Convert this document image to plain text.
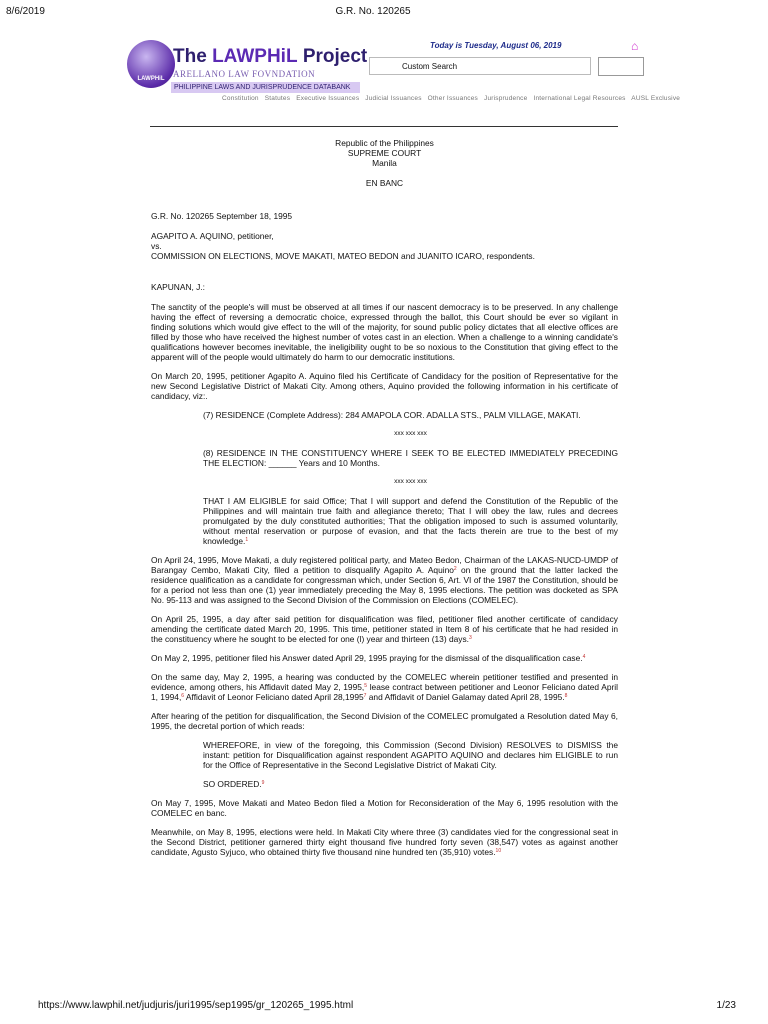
8/6/2019	G.R. No. 120265
LAWPHiL
The LAWPHiL Project
ARELLANO LAW FOVNDATION
PHILIPPINE LAWS AND JURISPRUDENCE DATABANK
Today is Tuesday, August 06, 2019	⌂
Custom Search
Constitution Statutes Executive Issuances Judicial Issuances Other Issuances Jurisprudence International Legal Resources AUSL Exclusive
Republic of the Philippines
SUPREME COURT
Manila
EN BANC
G.R. No. 120265 September 18, 1995
AGAPITO A. AQUINO, petitioner,
vs.
COMMISSION ON ELECTIONS, MOVE MAKATI, MATEO BEDON and JUANITO ICARO, respondents.
KAPUNAN, J.:

The sanctity of the people's will must be observed at all times if our nascent democracy is to be preserved. In any challenge having the effect of reversing a democratic choice, expressed through the ballot, this Court should be ever so vigilant in finding solutions which would give effect to the will of the majority, for sound public policy dictates that all elective offices are filled by those who have received the highest number of votes cast in an election. When a challenge to a winning candidate's qualifications however becomes inevitable, the ineligibility ought to be so noxious to the Constitution that giving effect to the apparent will of the people would ultimately do harm to our democratic institutions.

On March 20, 1995, petitioner Agapito A. Aquino filed his Certificate of Candidacy for the position of Representative for the new Second Legislative District of Makati City. Among others, Aquino provided the following information in his certificate of candidacy, viz:.

(7) RESIDENCE (Complete Address): 284 AMAPOLA COR. ADALLA STS., PALM VILLAGE, MAKATI.

xxx xxx xxx

(8) RESIDENCE IN THE CONSTITUENCY WHERE I SEEK TO BE ELECTED IMMEDIATELY PRECEDING THE ELECTION: ______ Years and 10 Months.

xxx xxx xxx

THAT I AM ELIGIBLE for said Office; That I will support and defend the Constitution of the Republic of the Philippines and will maintain true faith and allegiance thereto; That I will obey the law, rules and decrees promulgated by the duly constituted authorities; That the obligation imposed to such is assumed voluntarily, without mental reservation or purpose of evasion, and that the facts therein are true to the best of my knowledge.$^1$

On April 24, 1995, Move Makati, a duly registered political party, and Mateo Bedon, Chairman of the LAKAS-NUCD-UMDP of Barangay Cembo, Makati City, filed a petition to disqualify Agapito A. Aquino$^2$ on the ground that the latter lacked the residence qualification as a candidate for congressman which, under Section 6, Art. VI of the 1987 the Constitution, should be for a period not less than one (1) year immediately preceding the May 8, 1995 elections. The petition was docketed as SPA No. 95-113 and was assigned to the Second Division of the Commission on Elections (COMELEC).

On April 25, 1995, a day after said petition for disqualification was filed, petitioner filed another certificate of candidacy amending the certificate dated March 20, 1995. This time, petitioner stated in Item 8 of his certificate that he had resided in the constituency where he sought to be elected for one (l) year and thirteen (13) days.$^3$

On May 2, 1995, petitioner filed his Answer dated April 29, 1995 praying for the dismissal of the disqualification case.$^4$

On the same day, May 2, 1995, a hearing was conducted by the COMELEC wherein petitioner testified and presented in evidence, among others, his Affidavit dated May 2, 1995,$^5$ lease contract between petitioner and Leonor Feliciano dated April 1, 1994,$^6$ Affidavit of Leonor Feliciano dated April 28,1995$^7$ and Affidavit of Daniel Galamay dated April 28, 1995.$^8$

After hearing of the petition for disqualification, the Second Division of the COMELEC promulgated a Resolution dated May 6, 1995, the decretal portion of which reads:

WHEREFORE, in view of the foregoing, this Commission (Second Division) RESOLVES to DISMISS the instant: petition for Disqualification against respondent AGAPITO AQUINO and declares him ELIGIBLE to run for the Office of Representative in the Second Legislative District of Makati City.

SO ORDERED.$^9$

On May 7, 1995, Move Makati and Mateo Bedon filed a Motion for Reconsideration of the May 6, 1995 resolution with the COMELEC en banc.

Meanwhile, on May 8, 1995, elections were held. In Makati City where three (3) candidates vied for the congressional seat in the Second District, petitioner garnered thirty eight thousand five hundred forty seven (38,547) votes as against another candidate, Agusto Syjuco, who obtained thirty five thousand nine hundred ten (35,910) votes.$^{10}$

https://www.lawphil.net/judjuris/juri1995/sep1995/gr_120265_1995.html	1/23
